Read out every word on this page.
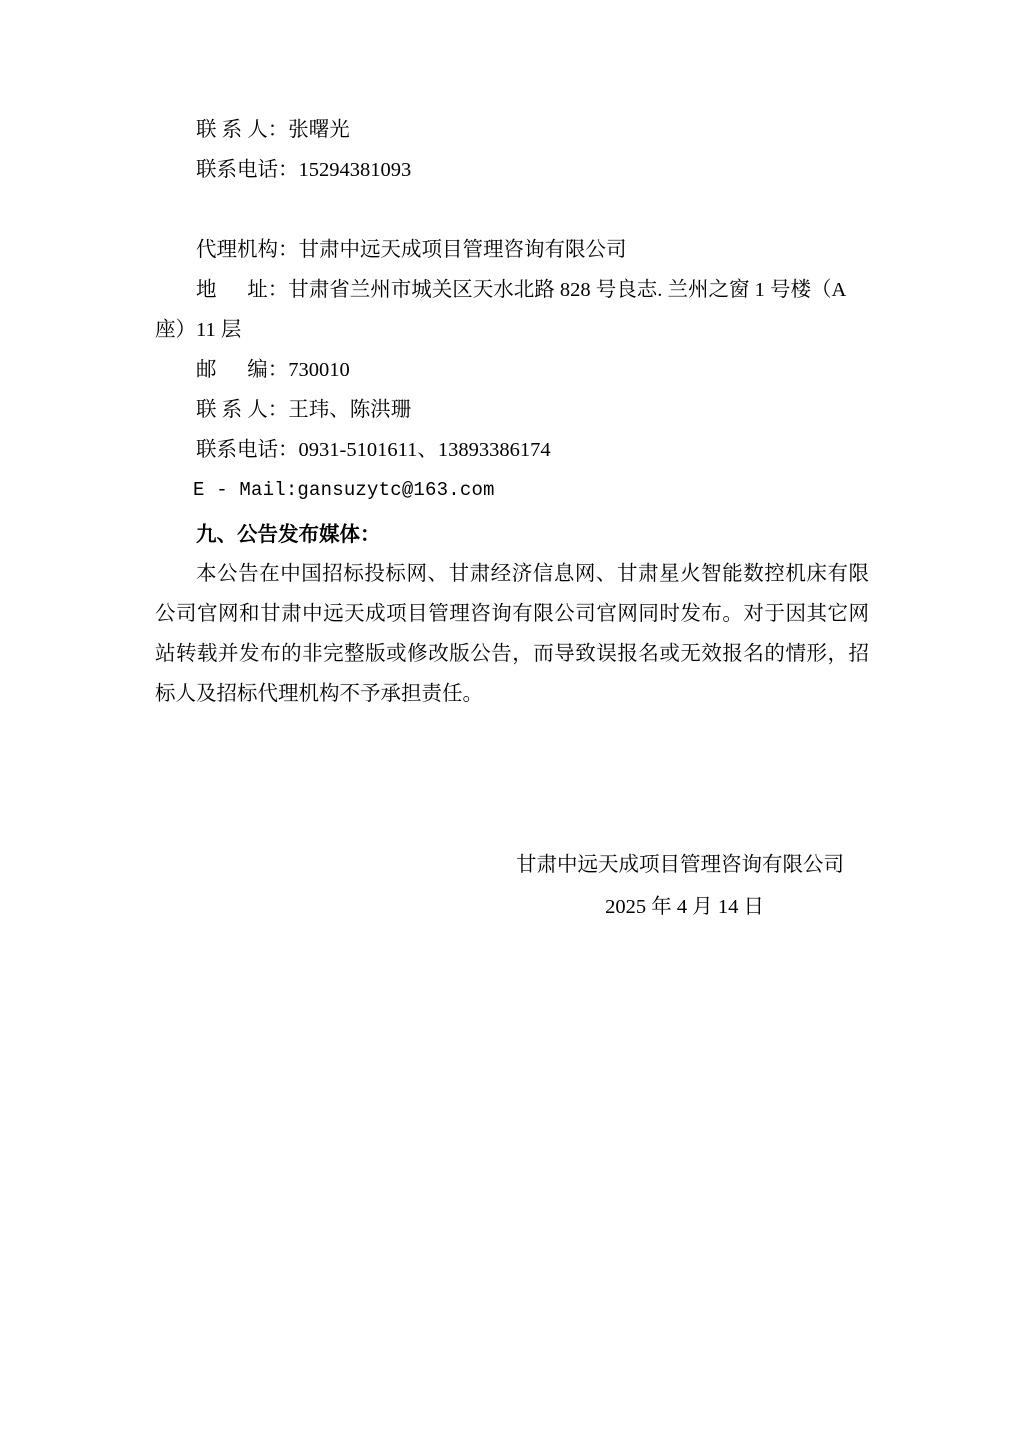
联 系 人：张曙光
联系电话：15294381093
代理机构：甘肃中远天成项目管理咨询有限公司
地      址：甘肃省兰州市城关区天水北路 828 号良志. 兰州之窗 1 号楼（A座）11 层
邮      编：730010
联 系 人：王玮、陈洪珊
联系电话：0931-5101611、13893386174
E - Mail:gansuzytc@163.com
九、公告发布媒体：
本公告在中国招标投标网、甘肃经济信息网、甘肃星火智能数控机床有限公司官网和甘肃中远天成项目管理咨询有限公司官网同时发布。对于因其它网站转载并发布的非完整版或修改版公告，而导致误报名或无效报名的情形，招标人及招标代理机构不予承担责任。
甘肃中远天成项目管理咨询有限公司
2025 年 4 月 14 日
